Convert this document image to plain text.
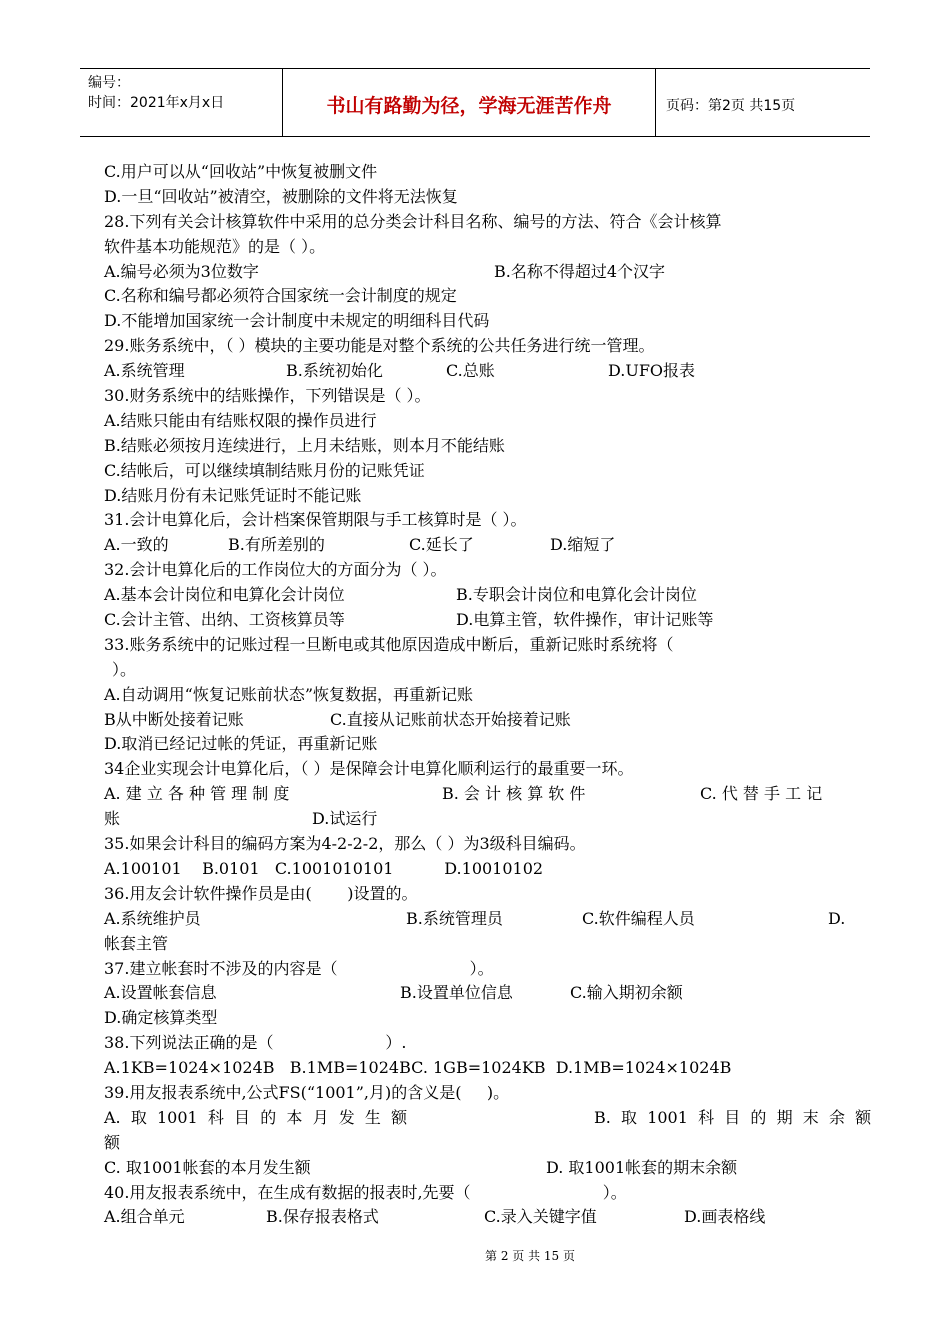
编号：
时间：2021年x月x日	书山有路勤为径，学海无涯苦作舟	页码：第2页 共15页
C.用户可以从“回收站”中恢复被删文件
D.一旦“回收站”被清空，被删除的文件将无法恢复
28.下列有关会计核算软件中采用的总分类会计科目名称、编号的方法、符合《会计核算
软件基本功能规范》的是（ ）。
A.编号必须为3位数字	B.名称不得超过4个汉字
C.名称和编号都必须符合国家统一会计制度的规定
D.不能增加国家统一会计制度中未规定的明细科目代码
29.账务系统中，（ ）模块的主要功能是对整个系统的公共任务进行统一管理。
A.系统管理	B.系统初始化	C.总账	D.UFO报表
30.财务系统中的结账操作，下列错误是（ ）。
A.结账只能由有结账权限的操作员进行
B.结账必须按月连续进行，上月未结账，则本月不能结账
C.结帐后，可以继续填制结账月份的记账凭证
D.结账月份有未记账凭证时不能记账
31.会计电算化后，会计档案保管期限与手工核算时是（ ）。
A.一致的	B.有所差别的	C.延长了	D.缩短了
32.会计电算化后的工作岗位大的方面分为（ ）。
A.基本会计岗位和电算化会计岗位	B.专职会计岗位和电算化会计岗位
C.会计主管、出纳、工资核算员等	D.电算主管，软件操作，审计记账等
33.账务系统中的记账过程一旦断电或其他原因造成中断后，重新记账时系统将（
）。
A.自动调用“恢复记账前状态”恢复数据，再重新记账
B从中断处接着记账	C.直接从记账前状态开始接着记账
D.取消已经记过帐的凭证，再重新记账
34企业实现会计电算化后，（ ）是保障会计电算化顺利运行的最重要一环。
A. 建 立 各 种 管 理 制 度	B. 会 计 核 算 软 件	C. 代 替 手 工 记
账	D.试运行
35.如果会计科目的编码方案为4-2-2-2，那么（ ）为3级科目编码。
A.100101    B.0101   C.1001010101          D.10010102
36.用友会计软件操作员是由(       )设置的。
A.系统维护员	B.系统管理员	C.软件编程人员	D.
帐套主管
37.建立帐套时不涉及的内容是（                          ）。
A.设置帐套信息	B.设置单位信息	C.输入期初余额
D.确定核算类型
38.下列说法正确的是（                      ）.
A.1KB=1024×1024B   B.1MB=1024BC. 1GB=1024KB  D.1MB=1024×1024B
39.用友报表系统中,公式FS(“1001”,月)的含义是(     )。
A.  取  1001  科  目  的  本  月  发  生  额	B.  取  1001  科  目  的  期  末  余  额
额
C. 取1001帐套的本月发生额	D. 取1001帐套的期末余额
40.用友报表系统中，在生成有数据的报表时,先要（                          ）。
A.组合单元	B.保存报表格式	C.录入关键字值	D.画表格线
第 2 页 共 15 页
